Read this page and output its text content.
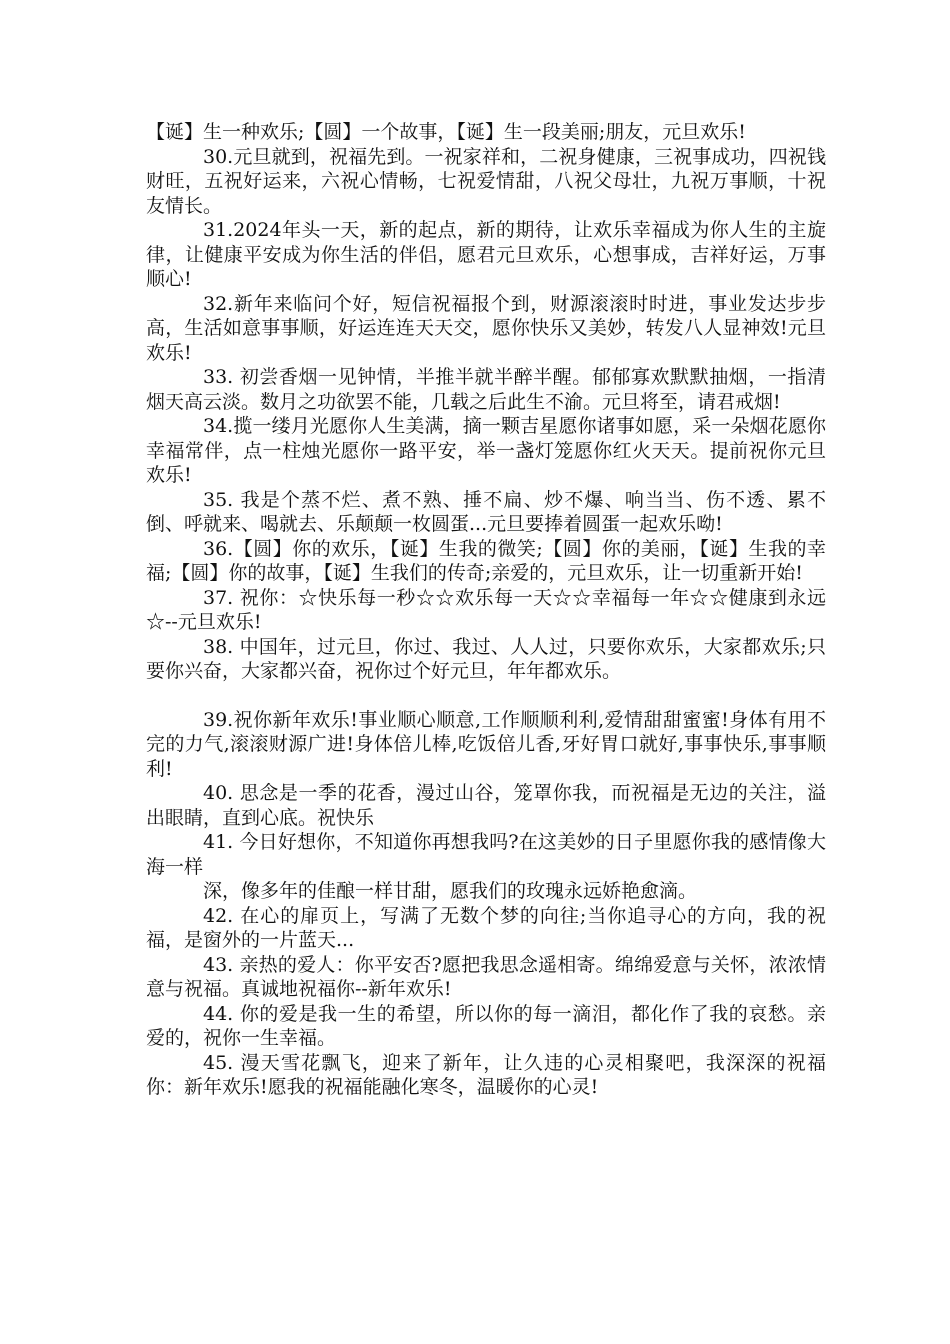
【诞】生一种欢乐;【圆】一个故事，【诞】生一段美丽;朋友，元旦欢乐!

30.元旦就到，祝福先到。一祝家祥和，二祝身健康，三祝事成功，四祝钱财旺，五祝好运来，六祝心情畅，七祝爱情甜，八祝父母壮，九祝万事顺，十祝友情长。

31.2024年头一天，新的起点，新的期待，让欢乐幸福成为你人生的主旋律，让健康平安成为你生活的伴侣，愿君元旦欢乐，心想事成，吉祥好运，万事顺心!

32.新年来临问个好，短信祝福报个到，财源滚滚时时进，事业发达步步高，生活如意事事顺，好运连连天天交，愿你快乐又美妙，转发八人显神效!元旦欢乐!

33. 初尝香烟一见钟情，半推半就半醉半醒。郁郁寡欢默默抽烟，一指清烟天高云淡。数月之功欲罢不能，几载之后此生不渝。元旦将至，请君戒烟!

34.揽一缕月光愿你人生美满，摘一颗吉星愿你诸事如愿，采一朵烟花愿你幸福常伴，点一柱烛光愿你一路平安，举一盏灯笼愿你红火天天。提前祝你元旦欢乐!

35. 我是个蒸不烂、煮不熟、捶不扁、炒不爆、响当当、伤不透、累不倒、呼就来、喝就去、乐颠颠一枚圆蛋...元旦要捧着圆蛋一起欢乐呦!

36.【圆】你的欢乐，【诞】生我的微笑;【圆】你的美丽，【诞】生我的幸福;【圆】你的故事，【诞】生我们的传奇;亲爱的，元旦欢乐，让一切重新开始!

37. 祝你：☆快乐每一秒☆☆欢乐每一天☆☆幸福每一年☆☆健康到永远☆--元旦欢乐!

38. 中国年，过元旦，你过、我过、人人过，只要你欢乐，大家都欢乐;只要你兴奋，大家都兴奋，祝你过个好元旦，年年都欢乐。

39.祝你新年欢乐!事业顺心顺意,工作顺顺利利,爱情甜甜蜜蜜!身体有用不完的力气,滚滚财源广进!身体倍儿棒,吃饭倍儿香,牙好胃口就好,事事快乐,事事顺利!

40. 思念是一季的花香，漫过山谷，笼罩你我，而祝福是无边的关注，溢出眼睛，直到心底。祝快乐

41. 今日好想你，不知道你再想我吗?在这美妙的日子里愿你我的感情像大海一样

深，像多年的佳酿一样甘甜，愿我们的玫瑰永远娇艳愈滴。

42. 在心的扉页上，写满了无数个梦的向往;当你追寻心的方向，我的祝福，是窗外的一片蓝天...

43. 亲热的爱人：你平安否?愿把我思念遥相寄。绵绵爱意与关怀，浓浓情意与祝福。真诚地祝福你--新年欢乐!

44. 你的爱是我一生的希望，所以你的每一滴泪，都化作了我的哀愁。亲爱的，祝你一生幸福。

45. 漫天雪花飘飞，迎来了新年，让久违的心灵相聚吧，我深深的祝福你：新年欢乐!愿我的祝福能融化寒冬，温暖你的心灵!
